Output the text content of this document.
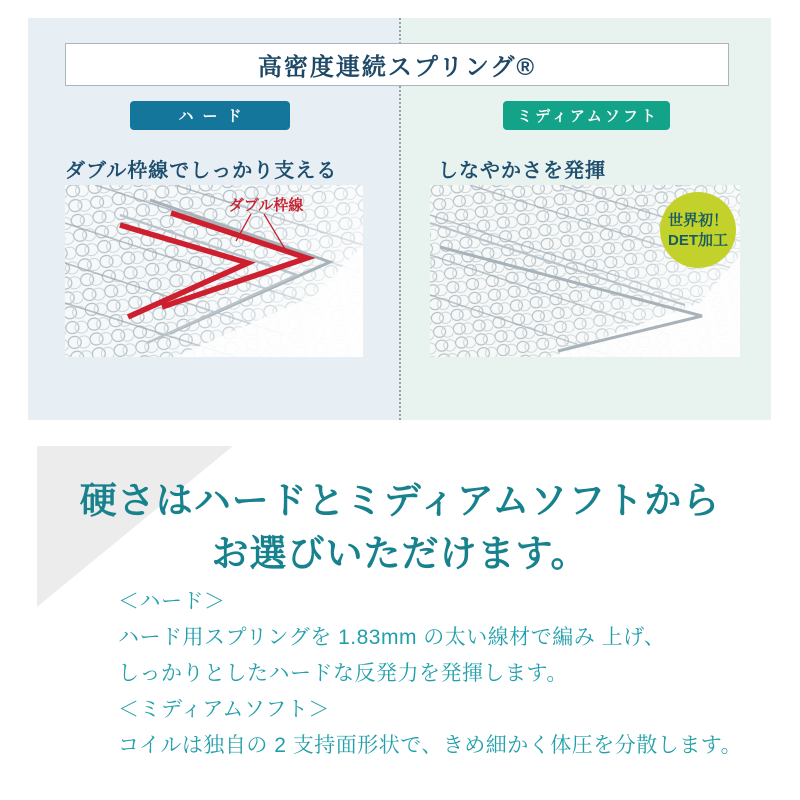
高密度連続スプリング®
ハード	ミディアムソフト
ダブル枠線でしっかり支える	しなやかさを発揮
ダブル枠線
世界初！
DET加工
硬さはハードとミディアムソフトから
お選びいただけます。
＜ハード＞
ハード用スプリングを 1.83mm の太い線材で編み 上げ、
しっかりとしたハードな反発力を発揮します。
＜ミディアムソフト＞
コイルは独自の 2 支持面形状で、きめ細かく体圧を分散します。
